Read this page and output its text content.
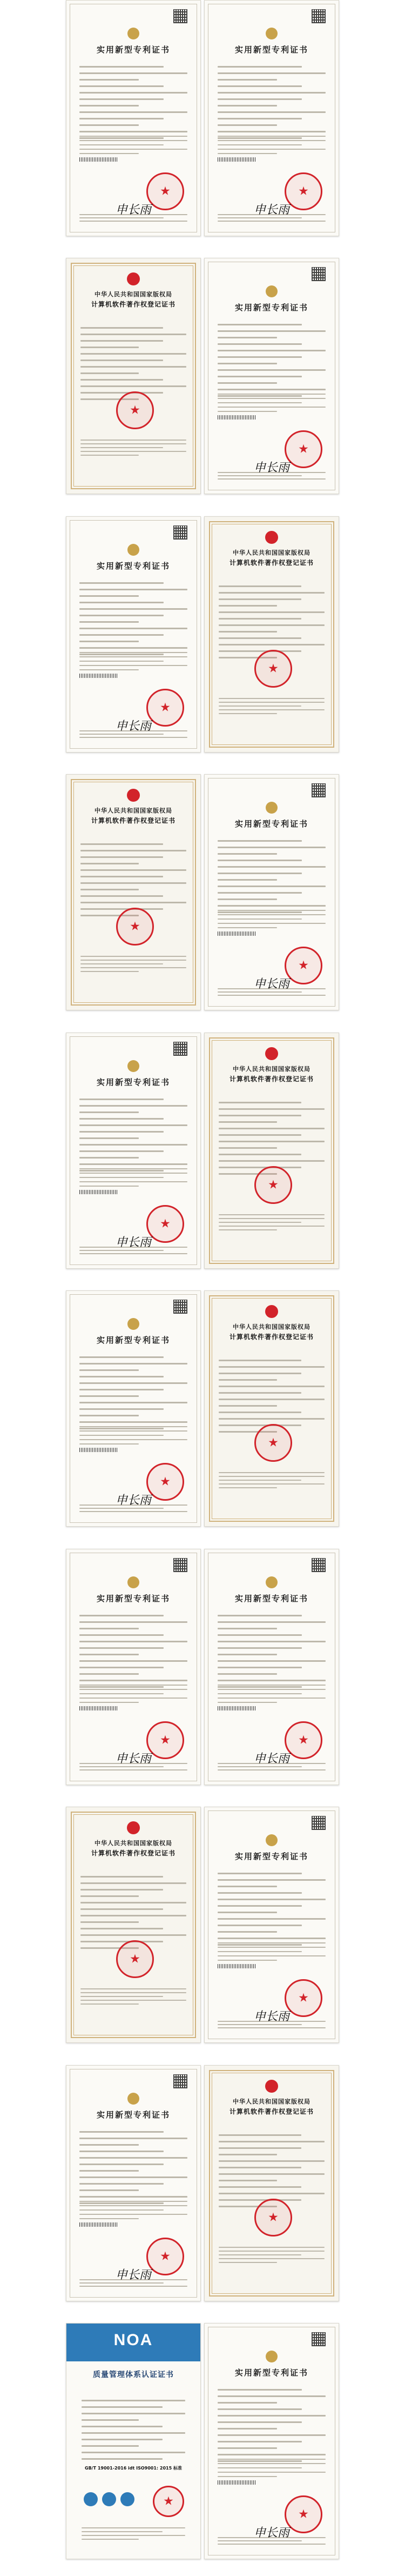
★
实用新型专利证书
申长雨
★
实用新型专利证书
申长雨
★
中华人民共和国国家版权局
计算机软件著作权登记证书
★	实用新型专利证书
申长雨
★
实用新型专利证书
申长雨
★
中华人民共和国国家版权局
计算机软件著作权登记证书
★
中华人民共和国国家版权局
计算机软件著作权登记证书
★	实用新型专利证书
申长雨
★
实用新型专利证书
申长雨
★
中华人民共和国国家版权局
计算机软件著作权登记证书
★
实用新型专利证书
申长雨
★
中华人民共和国国家版权局
计算机软件著作权登记证书
★
实用新型专利证书
申长雨
★
实用新型专利证书
申长雨
★
中华人民共和国国家版权局
计算机软件著作权登记证书
★	实用新型专利证书
申长雨
★
实用新型专利证书
申长雨
★
中华人民共和国国家版权局
计算机软件著作权登记证书
★
NOA
质量管理体系认证证书
GB/T 19001-2016 idt ISO9001: 2015 标准
★
实用新型专利证书
申长雨
